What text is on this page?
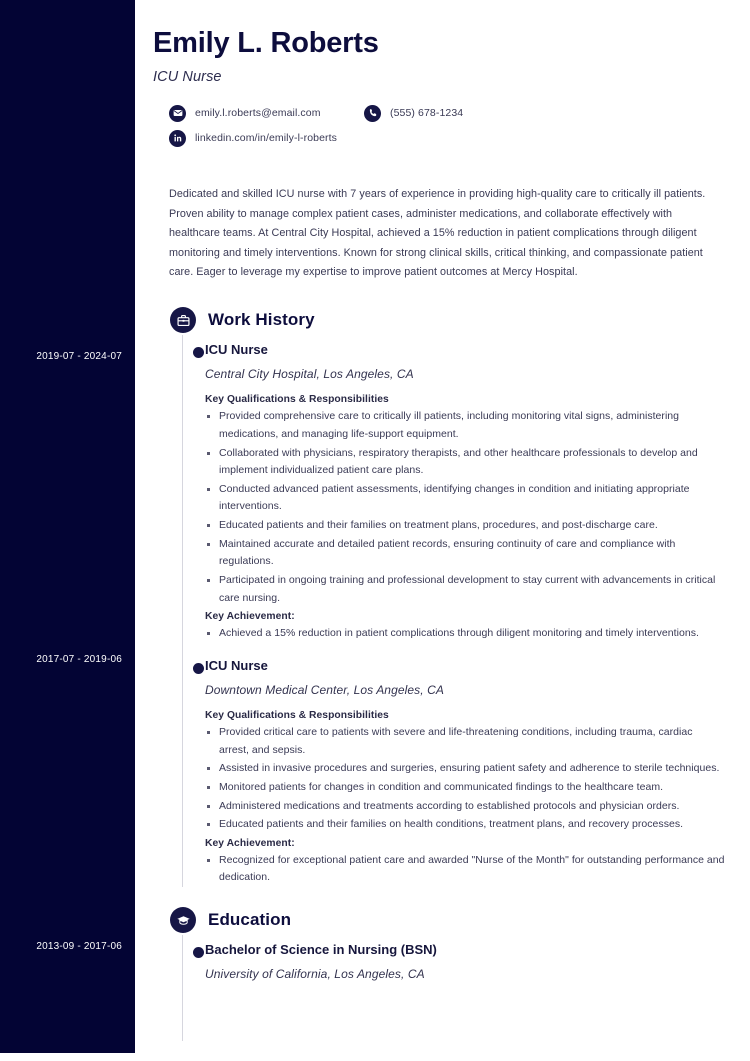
2019-07 - 2024-07
2017-07 - 2019-06
2013-09 - 2017-06
Emily L. Roberts
ICU Nurse
emily.l.roberts@email.com	(555) 678-1234
linkedin.com/in/emily-l-roberts
Dedicated and skilled ICU nurse with 7 years of experience in providing high-quality care to critically ill patients. Proven ability to manage complex patient cases, administer medications, and collaborate effectively with healthcare teams. At Central City Hospital, achieved a 15% reduction in patient complications through diligent monitoring and timely interventions. Known for strong clinical skills, critical thinking, and compassionate patient care. Eager to leverage my expertise to improve patient outcomes at Mercy Hospital.
Work History
ICU Nurse
Central City Hospital, Los Angeles, CA
Key Qualifications & Responsibilities
Provided comprehensive care to critically ill patients, including monitoring vital signs, administering medications, and managing life-support equipment.
Collaborated with physicians, respiratory therapists, and other healthcare professionals to develop and implement individualized patient care plans.
Conducted advanced patient assessments, identifying changes in condition and initiating appropriate interventions.
Educated patients and their families on treatment plans, procedures, and post-discharge care.
Maintained accurate and detailed patient records, ensuring continuity of care and compliance with regulations.
Participated in ongoing training and professional development to stay current with advancements in critical care nursing.
Key Achievement:
Achieved a 15% reduction in patient complications through diligent monitoring and timely interventions.
ICU Nurse
Downtown Medical Center, Los Angeles, CA
Key Qualifications & Responsibilities
Provided critical care to patients with severe and life-threatening conditions, including trauma, cardiac arrest, and sepsis.
Assisted in invasive procedures and surgeries, ensuring patient safety and adherence to sterile techniques.
Monitored patients for changes in condition and communicated findings to the healthcare team.
Administered medications and treatments according to established protocols and physician orders.
Educated patients and their families on health conditions, treatment plans, and recovery processes.
Key Achievement:
Recognized for exceptional patient care and awarded "Nurse of the Month" for outstanding performance and dedication.
Education
Bachelor of Science in Nursing (BSN)
University of California, Los Angeles, CA
